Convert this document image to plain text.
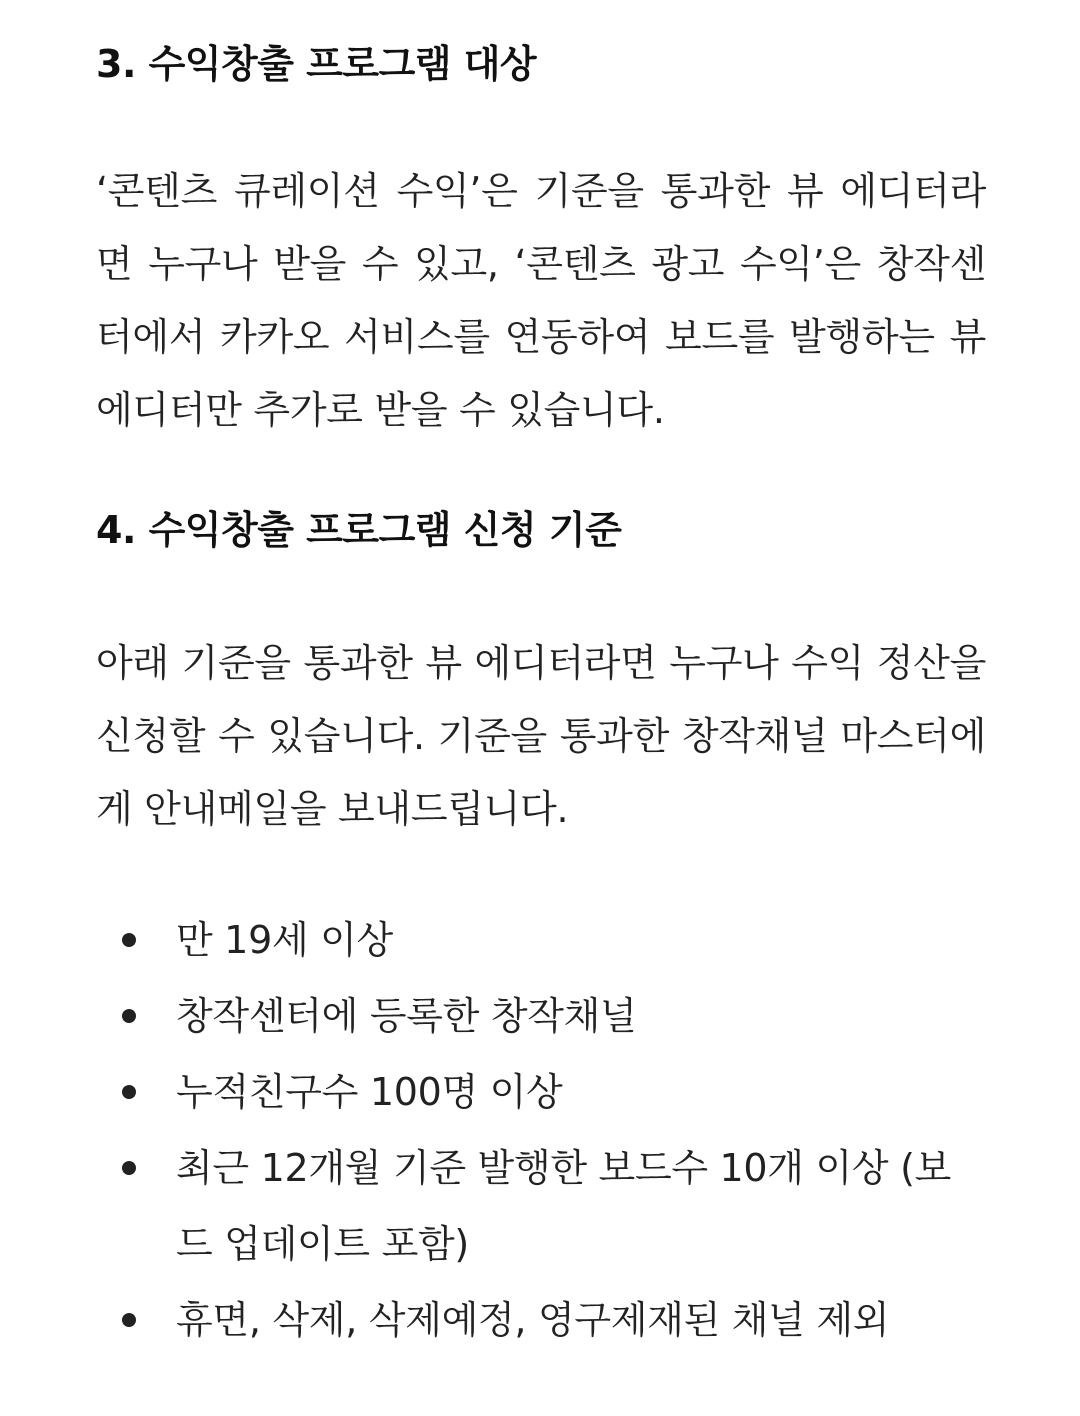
3. 수익창출 프로그램 대상

‘콘텐츠 큐레이션 수익’은 기준을 통과한 뷰 에디터라면 누구나 받을 수 있고, ‘콘텐츠 광고 수익’은 창작센터에서 카카오 서비스를 연동하여 보드를 발행하는 뷰 에디터만 추가로 받을 수 있습니다.

4. 수익창출 프로그램 신청 기준

아래 기준을 통과한 뷰 에디터라면 누구나 수익 정산을 신청할 수 있습니다. 기준을 통과한 창작채널 마스터에게 안내메일을 보내드립니다.

만 19세 이상
창작센터에 등록한 창작채널
누적친구수 100명 이상
최근 12개월 기준 발행한 보드수 10개 이상 (보드 업데이트 포함)
휴면, 삭제, 삭제예정, 영구제재된 채널 제외
